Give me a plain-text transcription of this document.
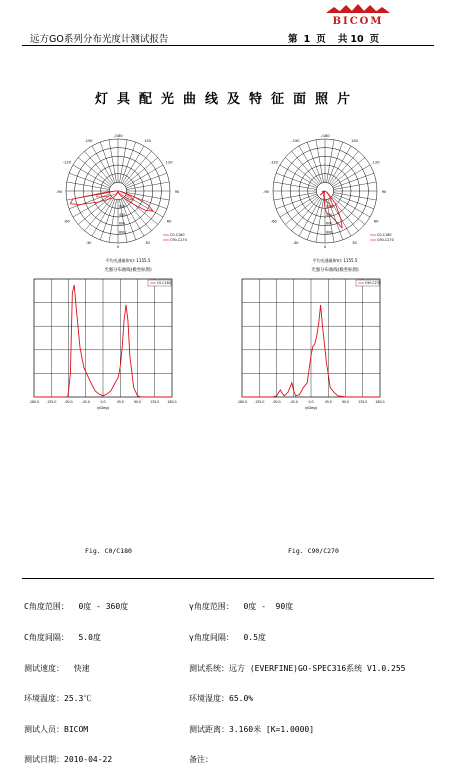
远方GO系列分布光度计测试报告	第 1 页 共 10 页
BICOM
灯具配光曲线及特征面照片
-150	150
-120	120
-90	90
-60	60
-30	30
-/180
0
200
400
600
800
C0-C180
C90-C270
平均光通量(lm): 1155.5
光强分布曲线(极坐标图)
-150	150
-120	120
-90	90
-60	60
-30	30
-/180
0
200
400
600
800
C0-C180
C90-C270
平均光通量(lm): 1155.5
光强分布曲线(极坐标图)
-180.0 -135.0 -90.0	-45.0	0.0	45.0	90.0	135.0	180.0
γ(Deg)
C0-C180
-180.0 -135.0 -90.0	-45.0	0.0	45.0	90.0	135.0	180.0
γ(Deg)
C90-C270
Fig. C0/C180	Fig. C90/C270

C角度范围：  0度 - 360度

C角度间隔：  5.0度

测试速度：  快速

环境温度：25.3℃

测试人员：BICOM

测试日期：2010-04-22

γ角度范围：  0度 -  90度

γ角度间隔：  0.5度

测试系统：远方 (EVERFINE)GO-SPEC316系统 V1.0.255

环境湿度：65.0%

测试距离：3.160米 [K=1.0000]

备注：
